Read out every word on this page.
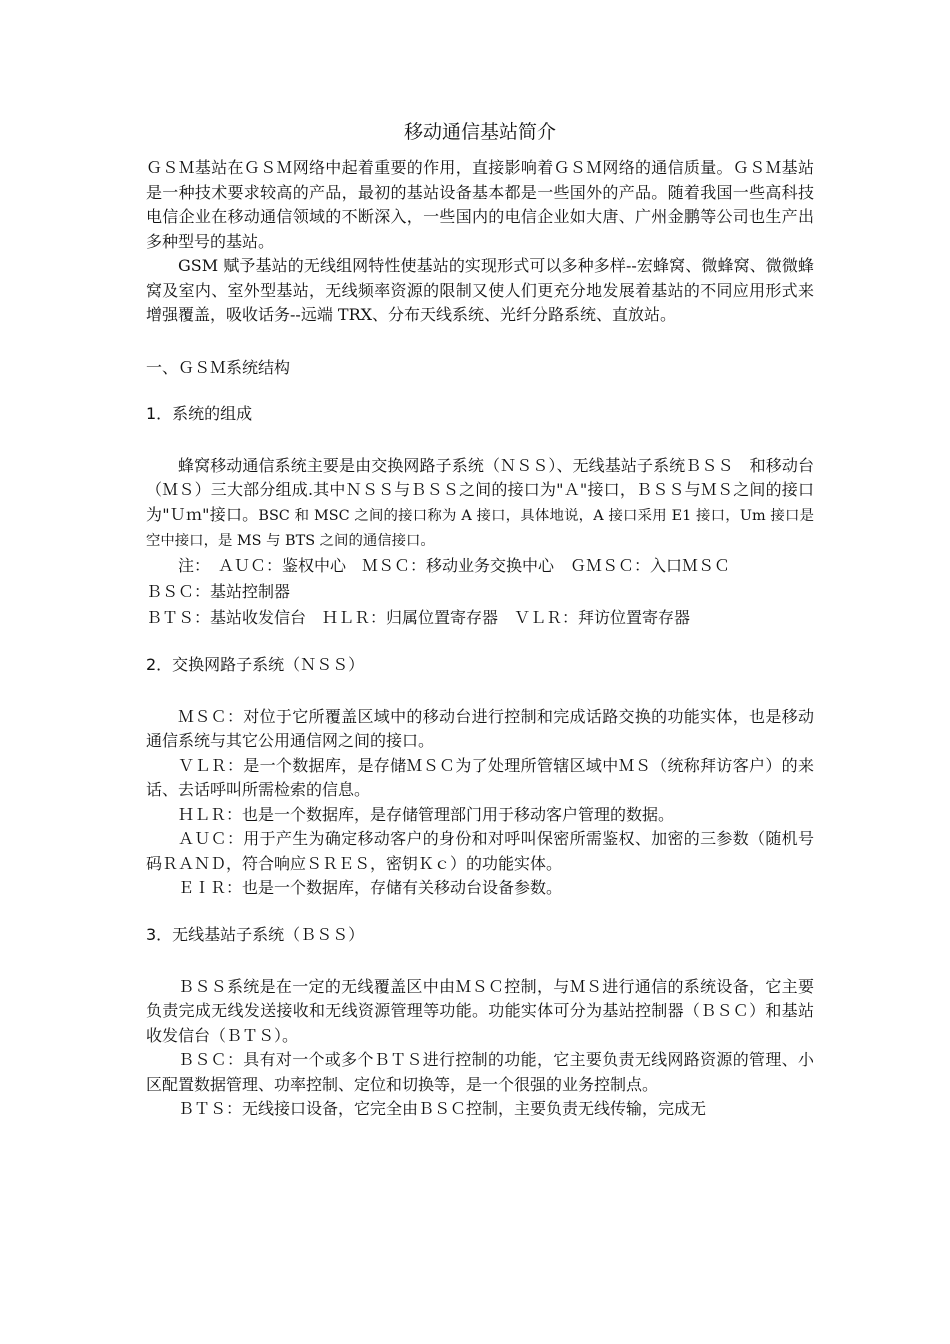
移动通信基站简介

ＧＳＭ基站在ＧＳＭ网络中起着重要的作用，直接影响着ＧＳＭ网络的通信质量。ＧＳＭ基站是一种技术要求较高的产品，最初的基站设备基本都是一些国外的产品。随着我国一些高科技电信企业在移动通信领域的不断深入，一些国内的电信企业如大唐、广州金鹏等公司也生产出多种型号的基站。

GSM 赋予基站的无线组网特性使基站的实现形式可以多种多样--宏蜂窝、微蜂窝、微微蜂窝及室内、室外型基站，无线频率资源的限制又使人们更充分地发展着基站的不同应用形式来增强覆盖，吸收话务--远端 TRX、分布天线系统、光纤分路系统、直放站。

一、ＧＳＭ系统结构

1．系统的组成

蜂窝移动通信系统主要是由交换网路子系统（ＮＳＳ）、无线基站子系统ＢＳＳ　和移动台（ＭＳ）三大部分组成.其中ＮＳＳ与ＢＳＳ之间的接口为"Ａ"接口，ＢＳＳ与ＭＳ之间的接口为"Ｕｍ"接口。BSC 和 MSC 之间的接口称为 A 接口，具体地说，A 接口采用 E1 接口，Um 接口是空中接口，是 MS 与 BTS 之间的通信接口。

注：　ＡＵＣ：鉴权中心　ＭＳＣ：移动业务交换中心　ＧＭＳＣ：入口ＭＳＣ

ＢＳＣ：基站控制器

ＢＴＳ：基站收发信台　ＨＬＲ：归属位置寄存器　ＶＬＲ：拜访位置寄存器

2．交换网路子系统（ＮＳＳ）

ＭＳＣ：对位于它所覆盖区域中的移动台进行控制和完成话路交换的功能实体，也是移动通信系统与其它公用通信网之间的接口。

ＶＬＲ：是一个数据库，是存储ＭＳＣ为了处理所管辖区域中ＭＳ（统称拜访客户）的来话、去话呼叫所需检索的信息。

ＨＬＲ：也是一个数据库，是存储管理部门用于移动客户管理的数据。

ＡＵＣ：用于产生为确定移动客户的身份和对呼叫保密所需鉴权、加密的三参数（随机号码ＲＡＮＤ，符合响应ＳＲＥＳ，密钥Ｋｃ）的功能实体。

ＥＩＲ：也是一个数据库，存储有关移动台设备参数。

3．无线基站子系统（ＢＳＳ）

ＢＳＳ系统是在一定的无线覆盖区中由ＭＳＣ控制，与ＭＳ进行通信的系统设备，它主要负责完成无线发送接收和无线资源管理等功能。功能实体可分为基站控制器（ＢＳＣ）和基站收发信台（ＢＴＳ）。

ＢＳＣ：具有对一个或多个ＢＴＳ进行控制的功能，它主要负责无线网路资源的管理、小区配置数据管理、功率控制、定位和切换等，是一个很强的业务控制点。

ＢＴＳ：无线接口设备，它完全由ＢＳＣ控制，主要负责无线传输，完成无
